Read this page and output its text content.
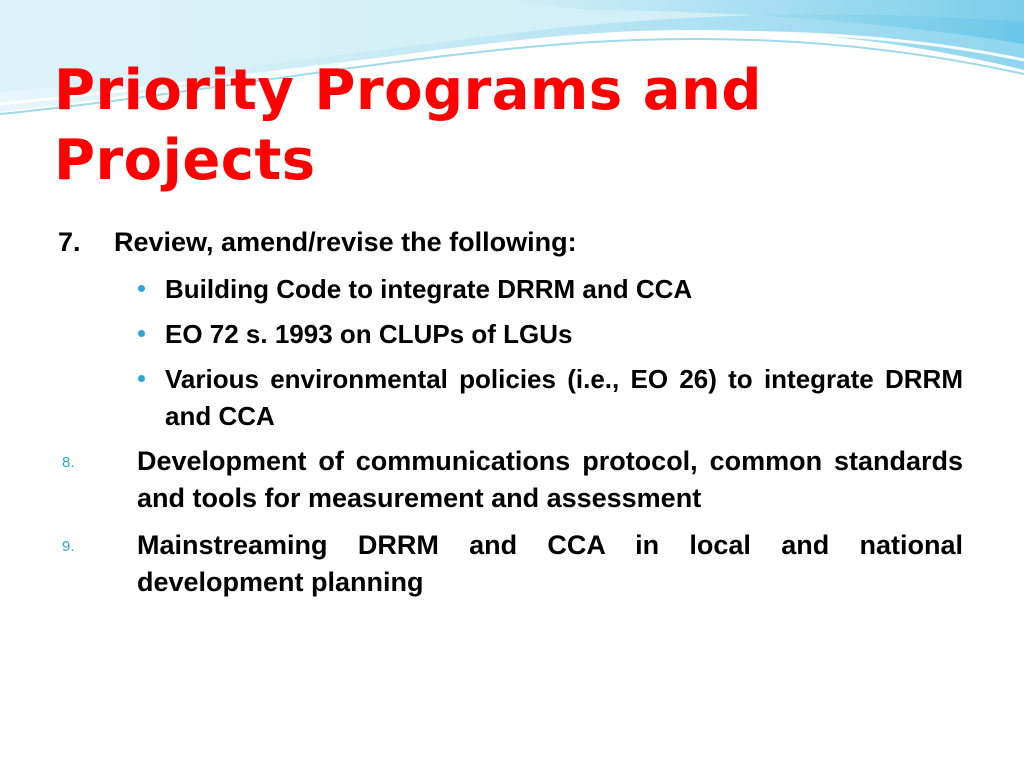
Priority Programs and Projects
7. Review, amend/revise the following:
Building Code to integrate DRRM and CCA
EO 72 s. 1993 on CLUPs of LGUs
Various environmental policies (i.e., EO 26) to integrate DRRM and CCA
8. Development of communications protocol, common standards and tools for measurement and assessment
9. Mainstreaming DRRM and CCA in local and national development planning
